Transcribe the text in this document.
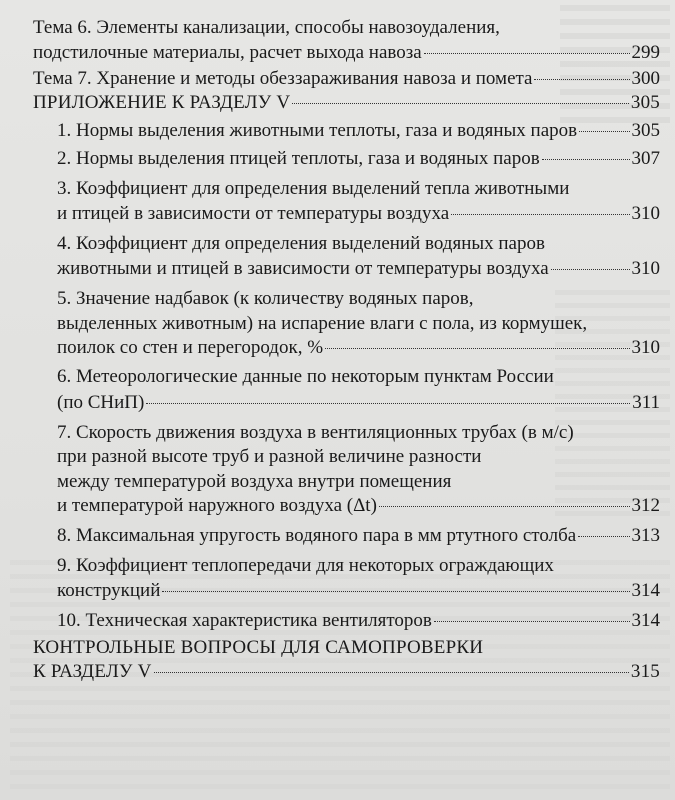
Тема 6. Элементы канализации, способы навозоудаления,
подстилочные материалы, расчет выхода навоза	299
Тема 7. Хранение и методы обеззараживания навоза и помета	300
ПРИЛОЖЕНИЕ К РАЗДЕЛУ V	305
1. Нормы выделения животными теплоты, газа и водяных паров	305
2. Нормы выделения птицей теплоты, газа и водяных паров	307
3. Коэффициент для определения выделений тепла животными
и птицей в зависимости от температуры воздуха	310
4. Коэффициент для определения выделений водяных паров
животными и птицей в зависимости от температуры воздуха	310
5. Значение надбавок (к количеству водяных паров,
выделенных животным) на испарение влаги с пола, из кормушек,
поилок со стен и перегородок, %	310
6. Метеорологические данные по некоторым пунктам России
(по СНиП)	311
7. Скорость движения воздуха в вентиляционных трубах (в м/с)
при разной высоте труб и разной величине разности
между температурой воздуха внутри помещения
и температурой наружного воздуха (Δt)	312
8. Максимальная упругость водяного пара в мм ртутного столба	313
9. Коэффициент теплопередачи для некоторых ограждающих
конструкций	314
10. Техническая характеристика вентиляторов	314
КОНТРОЛЬНЫЕ ВОПРОСЫ ДЛЯ САМОПРОВЕРКИ
К РАЗДЕЛУ V	315
